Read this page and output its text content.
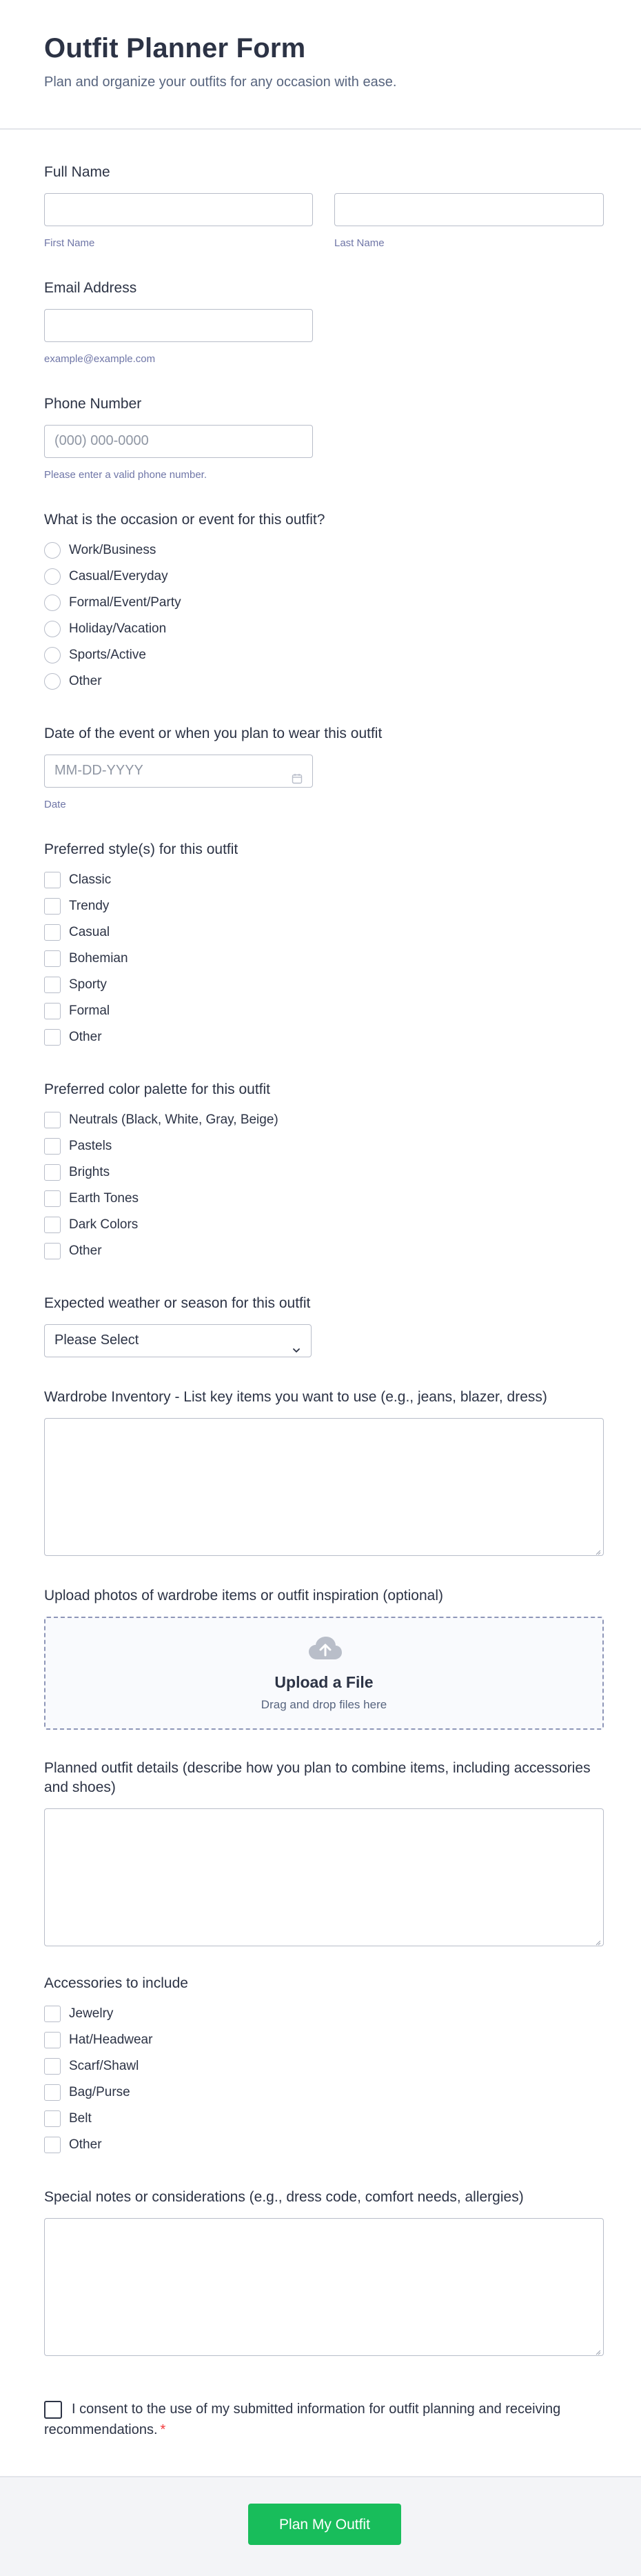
Outfit Planner Form
Plan and organize your outfits for any occasion with ease.
Full Name
First Name	Last Name
Email Address
example@example.com
Phone Number
(000) 000-0000
Please enter a valid phone number.
What is the occasion or event for this outfit?
Work/Business
Casual/Everyday
Formal/Event/Party
Holiday/Vacation
Sports/Active
Other
Date of the event or when you plan to wear this outfit
MM-DD-YYYY
Date
Preferred style(s) for this outfit
Classic
Trendy
Casual
Bohemian
Sporty
Formal
Other
Preferred color palette for this outfit
Neutrals (Black, White, Gray, Beige)
Pastels
Brights
Earth Tones
Dark Colors
Other
Expected weather or season for this outfit
Please Select
Wardrobe Inventory - List key items you want to use (e.g., jeans, blazer, dress)
Upload photos of wardrobe items or outfit inspiration (optional)
Upload a File
Drag and drop files here
Planned outfit details (describe how you plan to combine items, including accessories and shoes)
Accessories to include
Jewelry
Hat/Headwear
Scarf/Shawl
Bag/Purse
Belt
Other
Special notes or considerations (e.g., dress code, comfort needs, allergies)
I consent to the use of my submitted information for outfit planning and receiving recommendations. *
Plan My Outfit
